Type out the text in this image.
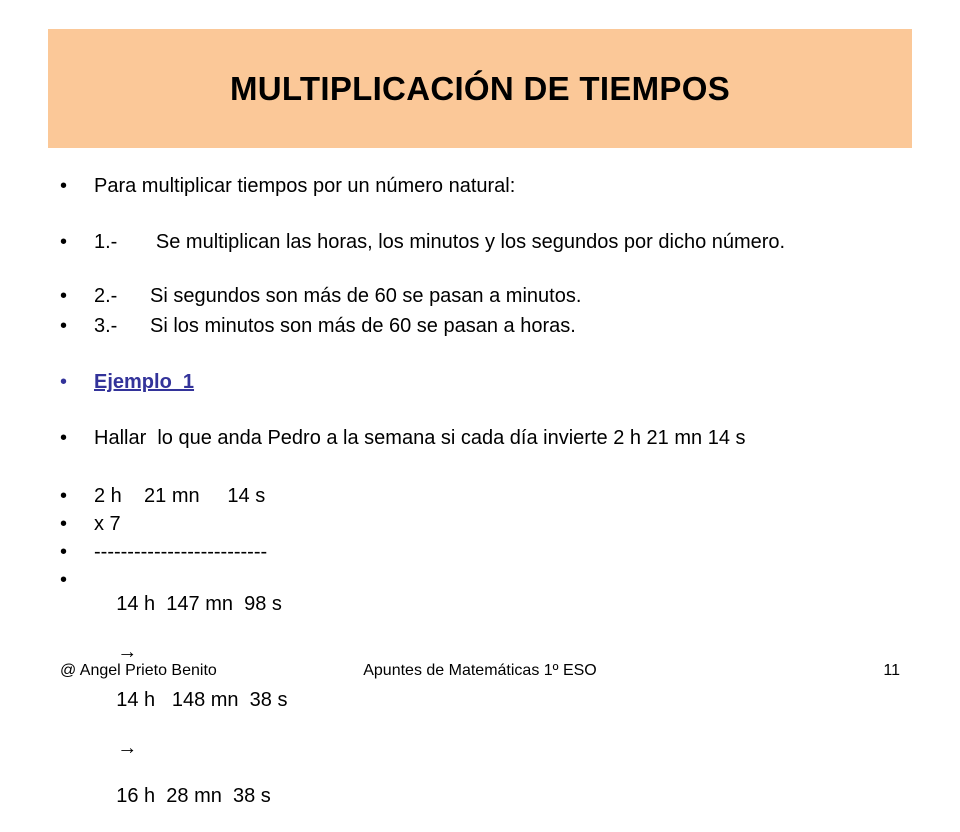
MULTIPLICACIÓN DE TIEMPOS
• Para multiplicar tiempos por un número natural:
• 1.- Se multiplican las horas, los minutos y los segundos por dicho número.
• 2.- Si segundos son más de 60 se pasan a minutos.
• 3.- Si los minutos son más de 60 se pasan a horas.
• Ejemplo  1
• Hallar  lo que anda Pedro a la semana si cada día invierte 2 h 21 mn 14 s
• 2 h    21 mn     14 s
• x 7
• --------------------------
•

14 h  147 mn  98 s

→

14 h   148 mn  38 s

→

16 h  28 mn  38 s

@ Angel Prieto Benito	Apuntes de Matemáticas 1º ESO	11
